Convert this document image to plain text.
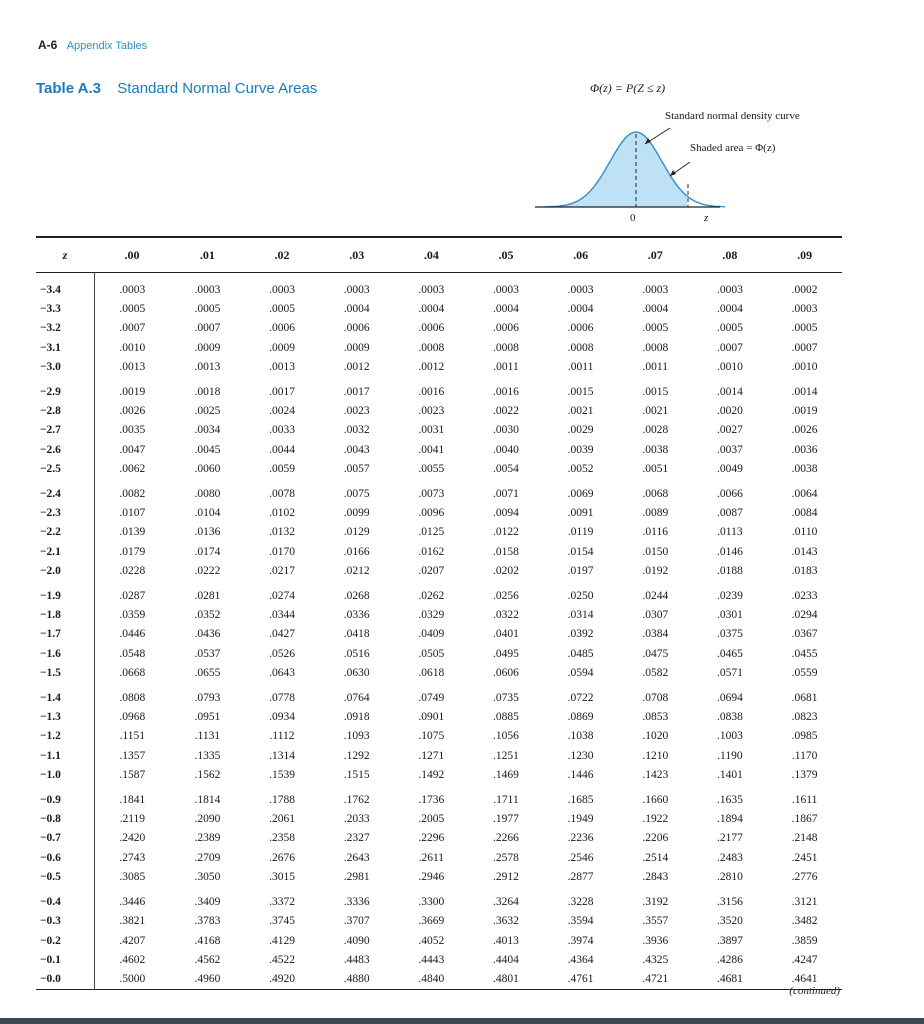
A-6 Appendix Tables
Table A.3 Standard Normal Curve Areas	Φ(z) = P(Z ≤ z)
Standard normal density curve
Shaded area = Φ(z)
0	z
z	.00	.01	.02	.03	.04	.05	.06	.07	.08	.09

−3.4	.0003	.0003	.0003	.0003	.0003	.0003	.0003	.0003	.0003	.0002
−3.3	.0005	.0005	.0005	.0004	.0004	.0004	.0004	.0004	.0004	.0003
−3.2	.0007	.0007	.0006	.0006	.0006	.0006	.0006	.0005	.0005	.0005
−3.1	.0010	.0009	.0009	.0009	.0008	.0008	.0008	.0008	.0007	.0007
−3.0	.0013	.0013	.0013	.0012	.0012	.0011	.0011	.0011	.0010	.0010
−2.9	.0019	.0018	.0017	.0017	.0016	.0016	.0015	.0015	.0014	.0014
−2.8	.0026	.0025	.0024	.0023	.0023	.0022	.0021	.0021	.0020	.0019
−2.7	.0035	.0034	.0033	.0032	.0031	.0030	.0029	.0028	.0027	.0026
−2.6	.0047	.0045	.0044	.0043	.0041	.0040	.0039	.0038	.0037	.0036
−2.5	.0062	.0060	.0059	.0057	.0055	.0054	.0052	.0051	.0049	.0038
−2.4	.0082	.0080	.0078	.0075	.0073	.0071	.0069	.0068	.0066	.0064
−2.3	.0107	.0104	.0102	.0099	.0096	.0094	.0091	.0089	.0087	.0084
−2.2	.0139	.0136	.0132	.0129	.0125	.0122	.0119	.0116	.0113	.0110
−2.1	.0179	.0174	.0170	.0166	.0162	.0158	.0154	.0150	.0146	.0143
−2.0	.0228	.0222	.0217	.0212	.0207	.0202	.0197	.0192	.0188	.0183
−1.9	.0287	.0281	.0274	.0268	.0262	.0256	.0250	.0244	.0239	.0233
−1.8	.0359	.0352	.0344	.0336	.0329	.0322	.0314	.0307	.0301	.0294
−1.7	.0446	.0436	.0427	.0418	.0409	.0401	.0392	.0384	.0375	.0367
−1.6	.0548	.0537	.0526	.0516	.0505	.0495	.0485	.0475	.0465	.0455
−1.5	.0668	.0655	.0643	.0630	.0618	.0606	.0594	.0582	.0571	.0559
−1.4	.0808	.0793	.0778	.0764	.0749	.0735	.0722	.0708	.0694	.0681
−1.3	.0968	.0951	.0934	.0918	.0901	.0885	.0869	.0853	.0838	.0823
−1.2	.1151	.1131	.1112	.1093	.1075	.1056	.1038	.1020	.1003	.0985
−1.1	.1357	.1335	.1314	.1292	.1271	.1251	.1230	.1210	.1190	.1170
−1.0	.1587	.1562	.1539	.1515	.1492	.1469	.1446	.1423	.1401	.1379
−0.9	.1841	.1814	.1788	.1762	.1736	.1711	.1685	.1660	.1635	.1611
−0.8	.2119	.2090	.2061	.2033	.2005	.1977	.1949	.1922	.1894	.1867
−0.7	.2420	.2389	.2358	.2327	.2296	.2266	.2236	.2206	.2177	.2148
−0.6	.2743	.2709	.2676	.2643	.2611	.2578	.2546	.2514	.2483	.2451
−0.5	.3085	.3050	.3015	.2981	.2946	.2912	.2877	.2843	.2810	.2776
−0.4	.3446	.3409	.3372	.3336	.3300	.3264	.3228	.3192	.3156	.3121
−0.3	.3821	.3783	.3745	.3707	.3669	.3632	.3594	.3557	.3520	.3482
−0.2	.4207	.4168	.4129	.4090	.4052	.4013	.3974	.3936	.3897	.3859
−0.1	.4602	.4562	.4522	.4483	.4443	.4404	.4364	.4325	.4286	.4247
−0.0	.5000	.4960	.4920	.4880	.4840	.4801	.4761	.4721	.4681	.4641
(continued)
